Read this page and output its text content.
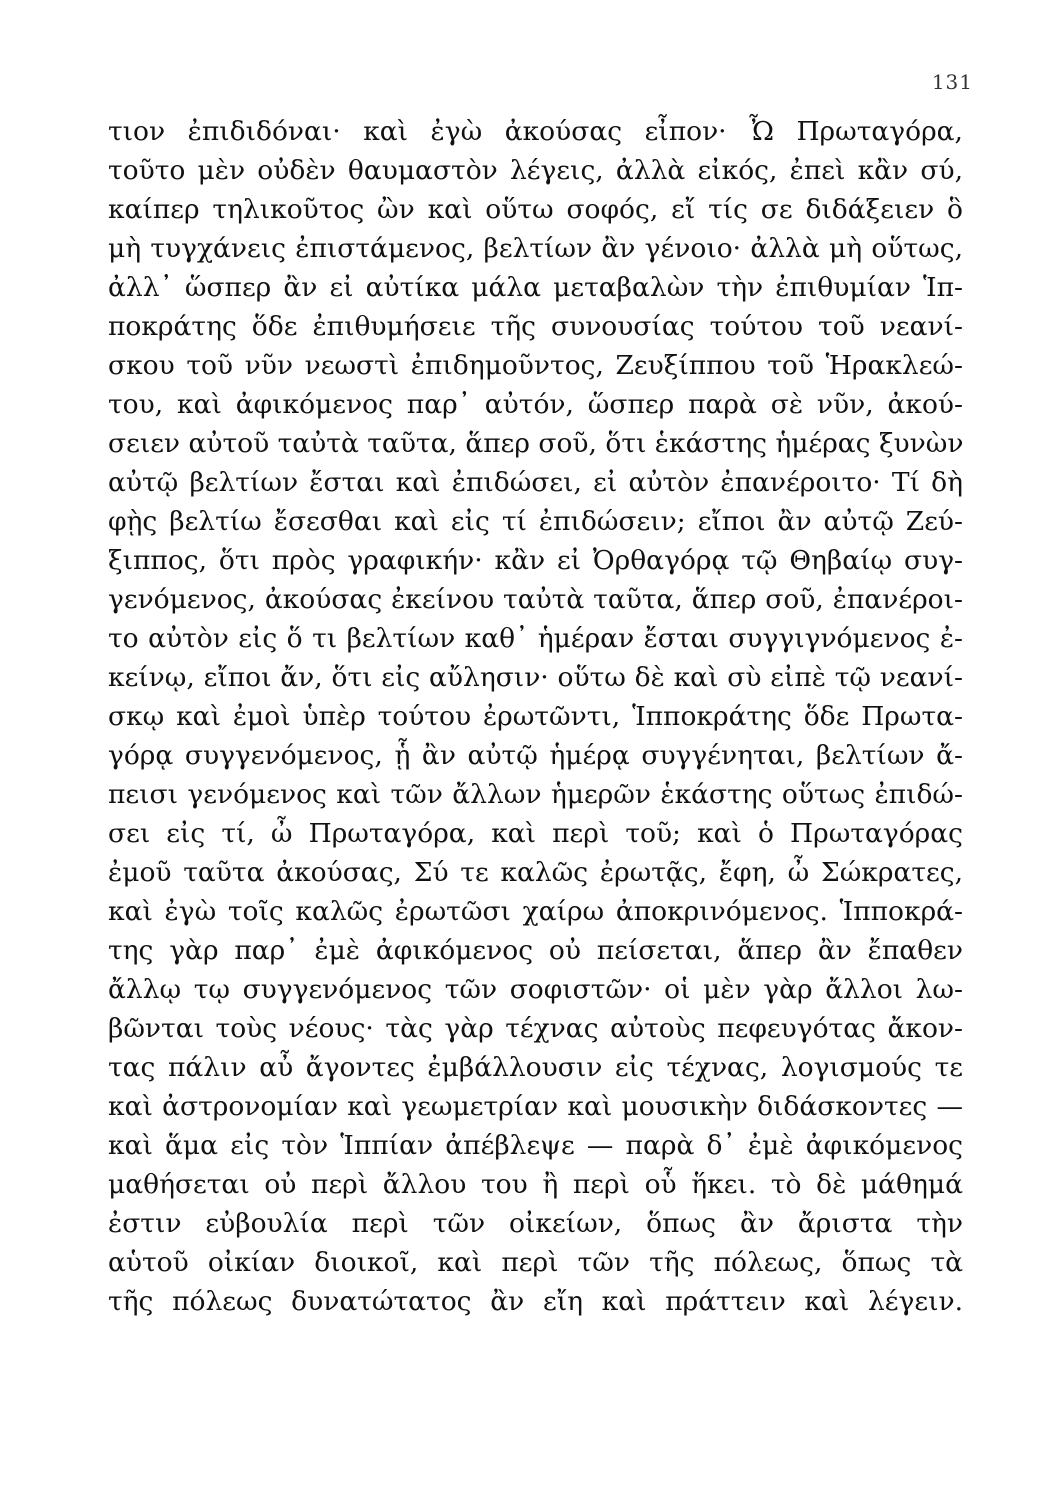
131
τιον ἐπιδιδόναι· καὶ ἐγὼ ἀκούσας εἶπον· Ὦ Πρωταγόρα,
τοῦτο μὲν οὐδὲν θαυμαστὸν λέγεις, ἀλλὰ εἰκός, ἐπεὶ κἂν σύ,
καίπερ τηλικοῦτος ὢν καὶ οὕτω σοφός, εἴ τίς σε διδάξειεν ὃ
μὴ τυγχάνεις ἐπιστάμενος, βελτίων ἂν γένοιο· ἀλλὰ μὴ οὕτως,
ἀλλ᾽ ὥσπερ ἂν εἰ αὐτίκα μάλα μεταβαλὼν τὴν ἐπιθυμίαν Ἱπ-
ποκράτης ὅδε ἐπιθυμήσειε τῆς συνουσίας τούτου τοῦ νεανί-
σκου τοῦ νῦν νεωστὶ ἐπιδημοῦντος, Ζευξίππου τοῦ Ἡρακλεώ-
του, καὶ ἀφικόμενος παρ᾽ αὐτόν, ὥσπερ παρὰ σὲ νῦν, ἀκού-
σειεν αὐτοῦ ταὐτὰ ταῦτα, ἅπερ σοῦ, ὅτι ἑκάστης ἡμέρας ξυνὼν
αὐτῷ βελτίων ἔσται καὶ ἐπιδώσει, εἰ αὐτὸν ἐπανέροιτο· Τί δὴ
φῂς βελτίω ἔσεσθαι καὶ εἰς τί ἐπιδώσειν; εἴποι ἂν αὐτῷ Ζεύ-
ξιππος, ὅτι πρὸς γραφικήν· κἂν εἰ Ὀρθαγόρᾳ τῷ Θηβαίῳ συγ-
γενόμενος, ἀκούσας ἐκείνου ταὐτὰ ταῦτα, ἅπερ σοῦ, ἐπανέροι-
το αὐτὸν εἰς ὅ τι βελτίων καθ᾽ ἡμέραν ἔσται συγγιγνόμενος ἐ-
κείνῳ, εἴποι ἄν, ὅτι εἰς αὔλησιν· οὕτω δὲ καὶ σὺ εἰπὲ τῷ νεανί-
σκῳ καὶ ἐμοὶ ὑπὲρ τούτου ἐρωτῶντι, Ἱπποκράτης ὅδε Πρωτα-
γόρᾳ συγγενόμενος, ᾗ ἂν αὐτῷ ἡμέρᾳ συγγένηται, βελτίων ἄ-
πεισι γενόμενος καὶ τῶν ἄλλων ἡμερῶν ἑκάστης οὕτως ἐπιδώ-
σει εἰς τί, ὦ Πρωταγόρα, καὶ περὶ τοῦ; καὶ ὁ Πρωταγόρας
ἐμοῦ ταῦτα ἀκούσας, Σύ τε καλῶς ἐρωτᾷς, ἔφη, ὦ Σώκρατες,
καὶ ἐγὼ τοῖς καλῶς ἐρωτῶσι χαίρω ἀποκρινόμενος. Ἱπποκρά-
της γὰρ παρ᾽ ἐμὲ ἀφικόμενος οὐ πείσεται, ἅπερ ἂν ἔπαθεν
ἄλλῳ τῳ συγγενόμενος τῶν σοφιστῶν· οἱ μὲν γὰρ ἄλλοι λω-
βῶνται τοὺς νέους· τὰς γὰρ τέχνας αὐτοὺς πεφευγότας ἄκον-
τας πάλιν αὖ ἄγοντες ἐμβάλλουσιν εἰς τέχνας, λογισμούς τε
καὶ ἀστρονομίαν καὶ γεωμετρίαν καὶ μουσικὴν διδάσκοντες —
καὶ ἅμα εἰς τὸν Ἱππίαν ἀπέβλεψε — παρὰ δ᾽ ἐμὲ ἀφικόμενος
μαθήσεται οὐ περὶ ἄλλου του ἢ περὶ οὗ ἥκει. τὸ δὲ μάθημά
ἐστιν εὐβουλία περὶ τῶν οἰκείων, ὅπως ἂν ἄριστα τὴν
αὑτοῦ οἰκίαν διοικοῖ, καὶ περὶ τῶν τῆς πόλεως, ὅπως τὰ
τῆς πόλεως δυνατώτατος ἂν εἴη καὶ πράττειν καὶ λέγειν.
